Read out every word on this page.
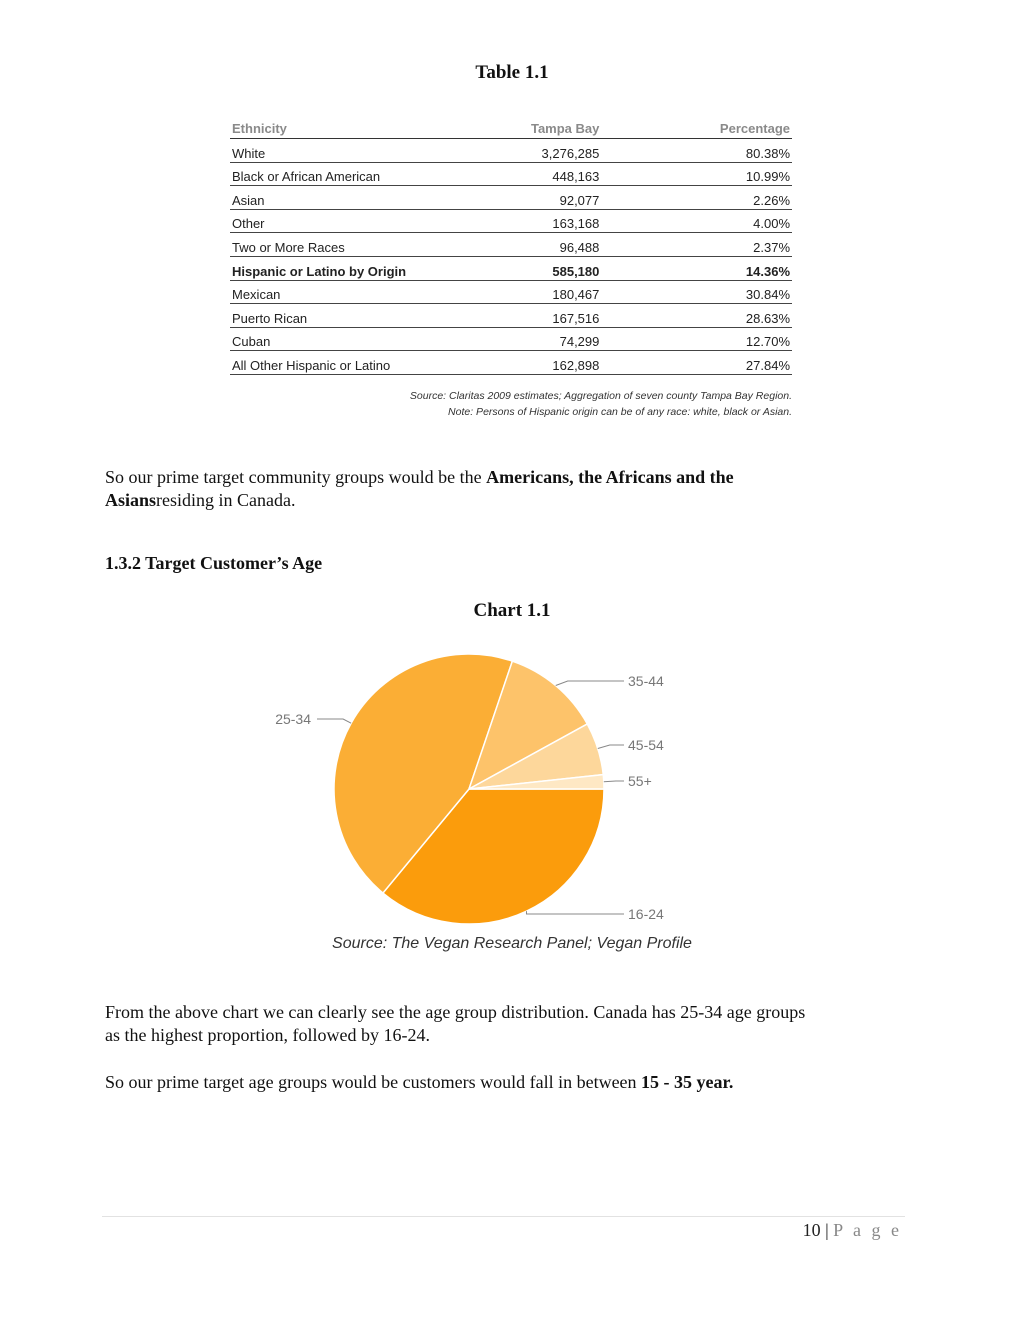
Table 1.1
Ethnicity	Tampa Bay	Percentage
White	3,276,285	80.38%
Black or African American	448,163	10.99%
Asian	92,077	2.26%
Other	163,168	4.00%
Two or More Races	96,488	2.37%
Hispanic or Latino by Origin	585,180	14.36%
Mexican	180,467	30.84%
Puerto Rican	167,516	28.63%
Cuban	74,299	12.70%
All Other Hispanic or Latino	162,898	27.84%
Source: Claritas 2009 estimates; Aggregation of seven county Tampa Bay Region.
Note: Persons of Hispanic origin can be of any race: white, black or Asian.
So our prime target community groups would be the Americans, the Africans and the
Asiansresiding in Canada.
1.3.2 Target Customer’s Age
Chart 1.1
16-24
25-34
35-44
45-54
55+
Source: The Vegan Research Panel; Vegan Profile
From the above chart we can clearly see the age group distribution. Canada has 25-34 age groups
as the highest proportion, followed by 16-24.
So our prime target age groups would be customers would fall in between 15 - 35 year.
10 | P a g e
